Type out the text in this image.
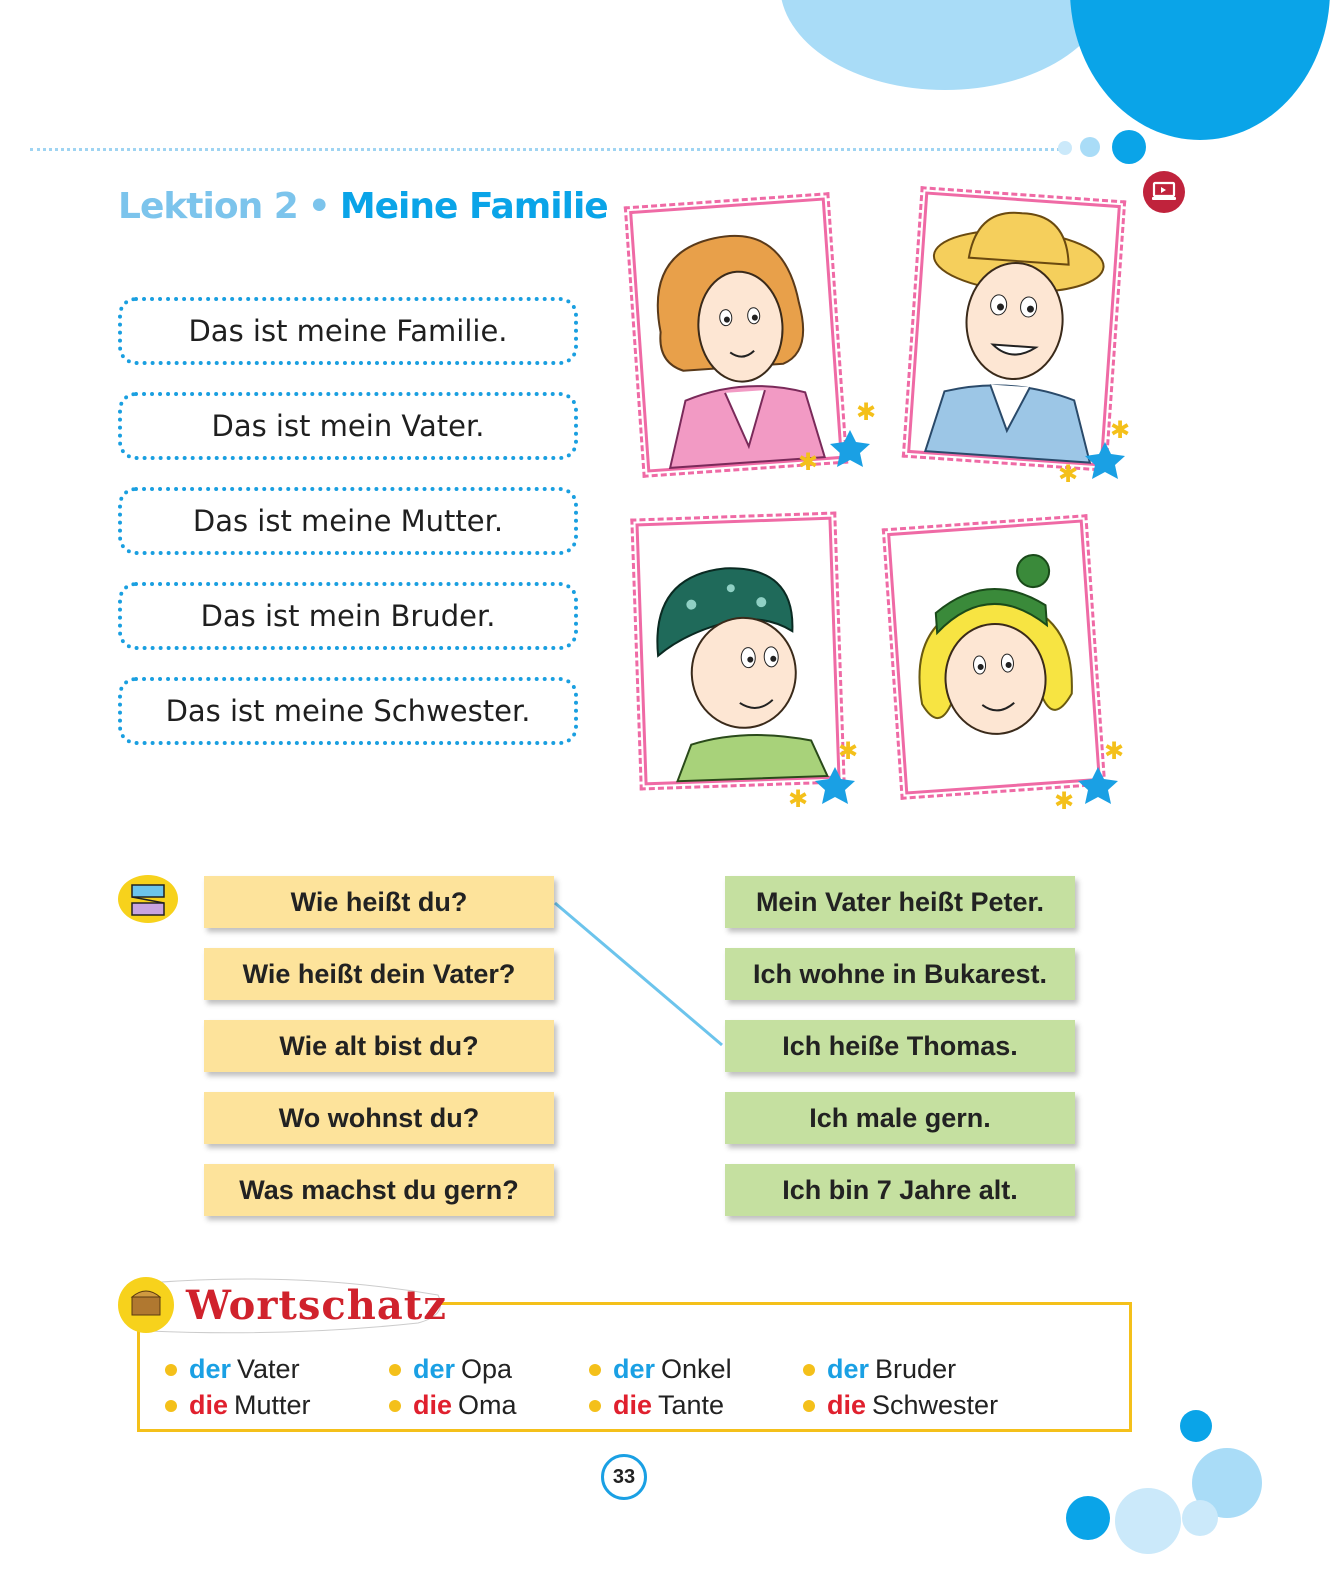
Lektion 2 • Meine Familie
Das ist meine Familie.
Das ist mein Vater.
Das ist meine Mutter.
Das ist mein Bruder.
Das ist meine Schwester.
✱
✱
✱
✱
✱
✱
✱
✱
Wie heißt du?
Wie heißt dein Vater?
Wie alt bist du?
Wo wohnst du?
Was machst du gern?
Mein Vater heißt Peter.
Ich wohne in Bukarest.
Ich heiße Thomas.
Ich male gern.
Ich bin 7 Jahre alt.
Wortschatz
der Vater
die Mutter
der Opa
die Oma
der Onkel
die Tante
der Bruder
die Schwester
33
